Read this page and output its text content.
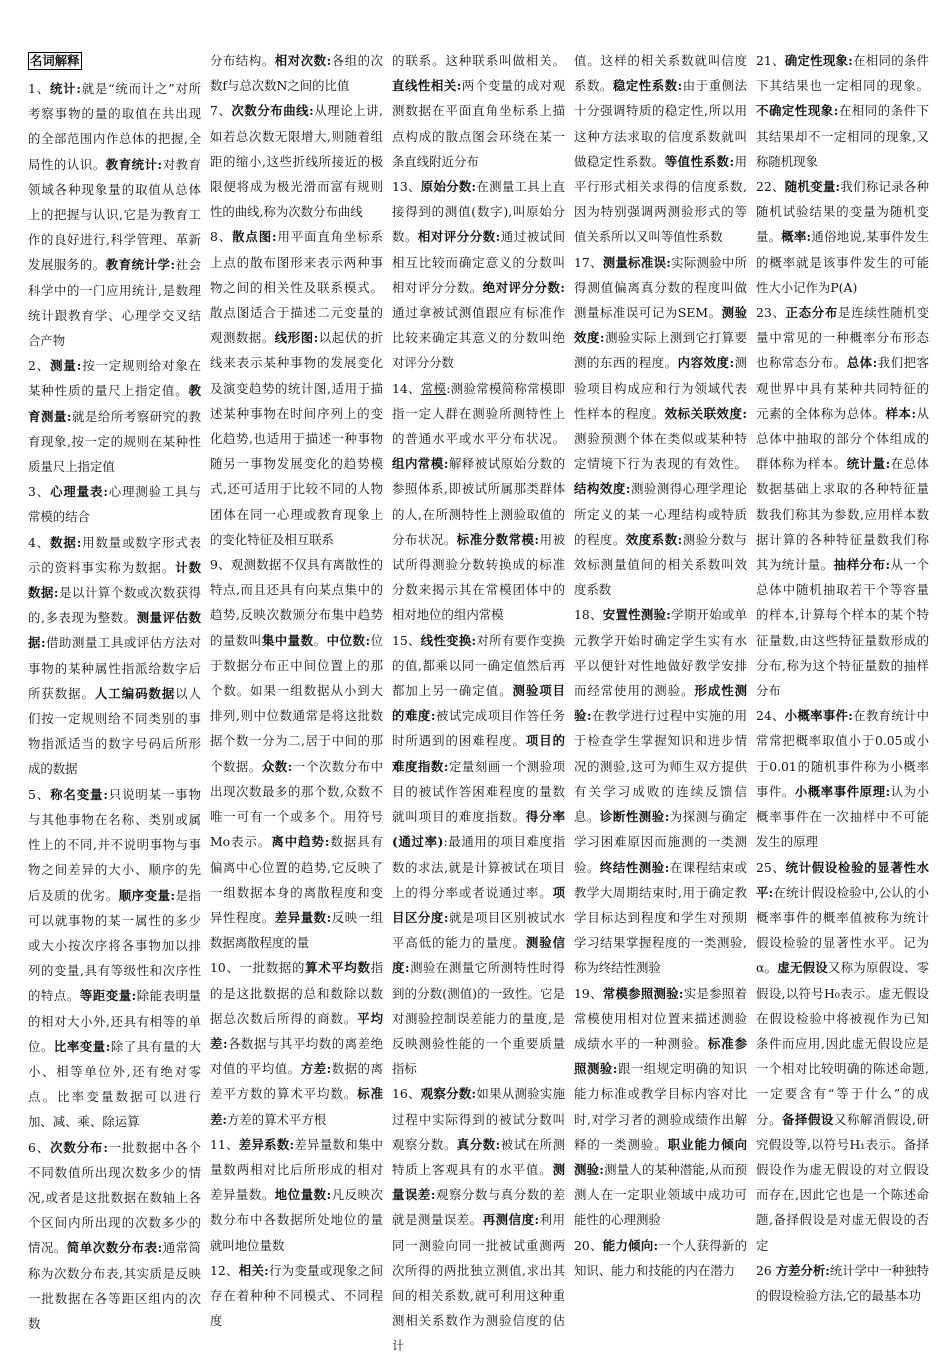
名词解释
1、统计:就是“统而计之”对所考察事物的量的取值在共出现的全部范围内作总体的把握,全局性的认识。教育统计:对教育领域各种现象量的取值从总体上的把握与认识,它是为教育工作的良好进行,科学管理、革新发展服务的。教育统计学:社会科学中的一门应用统计,是数理统计跟教育学、心理学交叉结合产物
2、测量:按一定规则给对象在某种性质的量尺上指定值。教育测量:就是给所考察研究的教育现象,按一定的规则在某种性质量尺上指定值
3、心理量表:心理测验工具与常模的结合
4、数据:用数量或数字形式表示的资料事实称为数据。计数数据:是以计算个数或次数获得的,多表现为整数。测量评估数据:借助测量工具或评估方法对事物的某种属性指派给数字后所获数据。人工编码数据以人们按一定规则给不同类别的事物指派适当的数字号码后所形成的数据
5、称名变量:只说明某一事物与其他事物在名称、类别或属性上的不同,并不说明事物与事物之间差异的大小、顺序的先后及质的优劣。顺序变量:是指可以就事物的某一属性的多少或大小按次序将各事物加以排列的变量,具有等级性和次序性的特点。等距变量:除能表明量的相对大小外,还具有相等的单位。比率变量:除了具有量的大小、相等单位外,还有绝对零点。比率变量数据可以进行加、减、乘、除运算
6、次数分布:一批数据中各个不同数值所出现次数多少的情况,或者是这批数据在数轴上各个区间内所出现的次数多少的情况。简单次数分布表:通常简称为次数分布表,其实质是反映一批数据在各等距区组内的次数
分布结构。相对次数:各组的次数f与总次数N之间的比值
7、次数分布曲线:从理论上讲,如若总次数无限增大,则随着组距的缩小,这些折线所接近的极限便将成为极光滑而富有规则性的曲线,称为次数分布曲线
8、散点图:用平面直角坐标系上点的散布图形来表示两种事物之间的相关性及联系模式。散点图适合于描述二元变量的观测数据。线形图:以起伏的折线来表示某种事物的发展变化及演变趋势的统计图,适用于描述某种事物在时间序列上的变化趋势,也适用于描述一种事物随另一事物发展变化的趋势模式,还可适用于比较不同的人物团体在同一心理或教育现象上的变化特征及相互联系
9、观测数据不仅具有离散性的特点,而且还具有向某点集中的趋势,反映次数颁分布集中趋势的量数叫集中量数。中位数:位于数据分布正中间位置上的那个数。如果一组数据从小到大排列,则中位数通常是将这批数据个数一分为二,居于中间的那个数据。众数:一个次数分布中出现次数最多的那个数,众数不唯一可有一个或多个。用符号Mo表示。离中趋势:数据具有偏离中心位置的趋势,它反映了一组数据本身的离散程度和变异性程度。差异量数:反映一组数据离散程度的量
10、一批数据的算术平均数指的是这批数据的总和数除以数据总次数后所得的商数。平均差:各数据与其平均数的离差绝对值的平均值。方差:数据的离差平方数的算术平均数。标准差:方差的算术平方根
11、差异系数:差异量数和集中量数两相对比后所形成的相对差异量数。地位量数:凡反映次数分布中各数据所处地位的量就叫地位量数
12、相关:行为变量或现象之间存在着种种不同模式、不同程度
的联系。这种联系叫做相关。直线性相关:两个变量的成对观测数据在平面直角坐标系上描点构成的散点图会环绕在某一条直线附近分布
13、原始分数:在测量工具上直接得到的测值(数字),叫原始分数。相对评分分数:通过被试间相互比较而确定意义的分数叫相对评分分数。绝对评分分数:通过拿被试测值跟应有标准作比较来确定其意义的分数叫绝对评分分数
14、常模:测验常模简称常模即指一定人群在测验所测特性上的普通水平或水平分布状况。组内常模:解释被试原始分数的参照体系,即被试所属那类群体的人,在所测特性上测验取值的分布状况。标准分数常模:用被试所得测验分数转换成的标准分数来揭示其在常模团体中的相对地位的组内常模
15、线性变换:对所有要作变换的值,都乘以同一确定值然后再都加上另一确定值。测验项目的难度:被试完成项目作答任务时所遇到的困难程度。项目的难度指数:定量刻画一个测验项目的被试作答困难程度的量数就叫项目的难度指数。得分率(通过率):最通用的项目难度指数的求法,就是计算被试在项目上的得分率或者说通过率。项目区分度:就是项目区别被试水平高低的能力的量度。测验信度:测验在测量它所测特性时得到的分数(测值)的一致性。它是对测验控制误差能力的量度,是反映测验性能的一个重要质量指标
16、观察分数:如果从测验实施过程中实际得到的被试分数叫观察分数。真分数:被试在所测特质上客观具有的水平值。测量误差:观察分数与真分数的差就是测量误差。再测信度:利用同一测验向同一批被试重测两次所得的两批独立测值,求出其间的相关系数,就可利用这种重测相关系数作为测验信度的估计
值。这样的相关系数就叫信度系数。稳定性系数:由于重侧法十分强调特质的稳定性,所以用这种方法求取的信度系数就叫做稳定性系数。等值性系数:用平行形式相关求得的信度系数,因为特别强调两测验形式的等值关系所以又叫等值性系数
17、测量标准误:实际测验中所得测值偏离真分数的程度叫做测量标准误可记为SEM。测验效度:测验实际上测到它打算要测的东西的程度。内容效度:测验项目构成应和行为领域代表性样本的程度。效标关联效度:测验预测个体在类似或某种特定情境下行为表现的有效性。结构效度:测验测得心理学理论所定义的某一心理结构或特质的程度。效度系数:测验分数与效标测量值间的相关系数叫效度系数
18、安置性测验:学期开始或单元教学开始时确定学生实有水平以便针对性地做好教学安排而经常使用的测验。形成性测验:在教学进行过程中实施的用于检查学生掌握知识和进步情况的测验,这可为师生双方提供有关学习成败的连续反馈信息。诊断性测验:为探测与确定学习困难原因而施测的一类测验。终结性测验:在课程结束或教学大周期结束时,用于确定教学目标达到程度和学生对预期学习结果掌握程度的一类测验,称为终结性测验
19、常模参照测验:实是参照着常模使用相对位置来描述测验成绩水平的一种测验。标准参照测验:跟一组规定明确的知识能力标准或教学目标内容对比时,对学习者的测验成绩作出解释的一类测验。职业能力倾向测验:测量人的某种潜能,从而预测人在一定职业领域中成功可能性的心理测验
20、能力倾向:一个人获得新的知识、能力和技能的内在潜力
21、确定性现象:在相同的条件下其结果也一定相同的现象。不确定性现象:在相同的条件下其结果却不一定相同的现象,又称随机现象
22、随机变量:我们称记录各种随机试验结果的变量为随机变量。概率:通俗地说,某事件发生的概率就是该事件发生的可能性大小记作为P(A)
23、正态分布是连续性随机变量中常见的一种概率分布形态也称常态分布。总体:我们把客观世界中具有某种共同特征的元素的全体称为总体。样本:从总体中抽取的部分个体组成的群体称为样本。统计量:在总体数据基础上求取的各种特征量数我们称其为参数,应用样本数据计算的各种特征量数我们称其为统计量。抽样分布:从一个总体中随机抽取若干个等容量的样本,计算每个样本的某个特征量数,由这些特征量数形成的分布,称为这个特征量数的抽样分布
24、小概率事件:在教育统计中常常把概率取值小于0.05或小于0.01的随机事件称为小概率事件。小概率事件原理:认为小概率事件在一次抽样中不可能发生的原理
25、统计假设检验的显著性水平:在统计假设检验中,公认的小概率事件的概率值被称为统计假设检验的显著性水平。记为α。虚无假设又称为原假设、零假设,以符号H₀表示。虚无假设在假设检验中将被视作为已知条件而应用,因此虚无假设应是一个相对比较明确的陈述命题,一定要含有“等于什么”的成分。备择假设又称解消假设,研究假设等,以符号H₁表示。备择假设作为虚无假设的对立假设而存在,因此它也是一个陈述命题,备择假设是对虚无假设的否定
26 方差分析:统计学中一种独特的假设检验方法,它的最基本功
